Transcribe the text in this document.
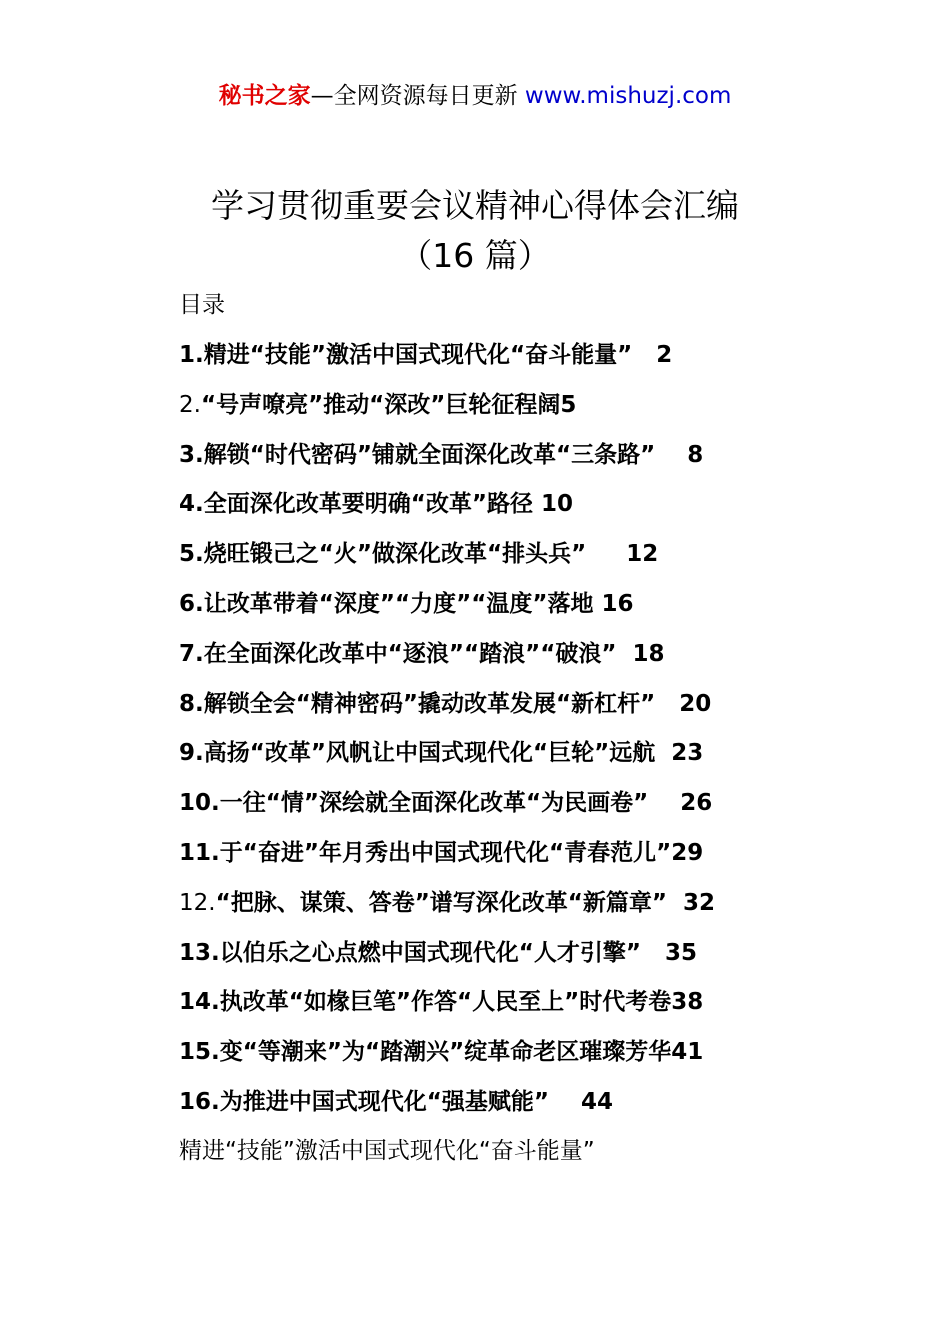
秘书之家—全网资源每日更新 www.mishuzj.com
学习贯彻重要会议精神心得体会汇编
（16 篇）
目录
1.精进“技能”激活中国式现代化“奋斗能量”   2
2.“号声嘹亮”推动“深改”巨轮征程阔5
3.解锁“时代密码”铺就全面深化改革“三条路”    8
4.全面深化改革要明确“改革”路径 10
5.烧旺锻己之“火”做深化改革“排头兵”     12
6.让改革带着“深度”“力度”“温度”落地 16
7.在全面深化改革中“逐浪”“踏浪”“破浪”  18
8.解锁全会“精神密码”撬动改革发展“新杠杆”   20
9.高扬“改革”风帆让中国式现代化“巨轮”远航  23
10.一往“情”深绘就全面深化改革“为民画卷”    26
11.于“奋进”年月秀出中国式现代化“青春范儿”29
12.“把脉、谋策、答卷”谱写深化改革“新篇章”  32
13.以伯乐之心点燃中国式现代化“人才引擎”   35
14.执改革“如椽巨笔”作答“人民至上”时代考卷38
15.变“等潮来”为“踏潮兴”绽革命老区璀璨芳华41
16.为推进中国式现代化“强基赋能”    44
精进“技能”激活中国式现代化“奋斗能量”
